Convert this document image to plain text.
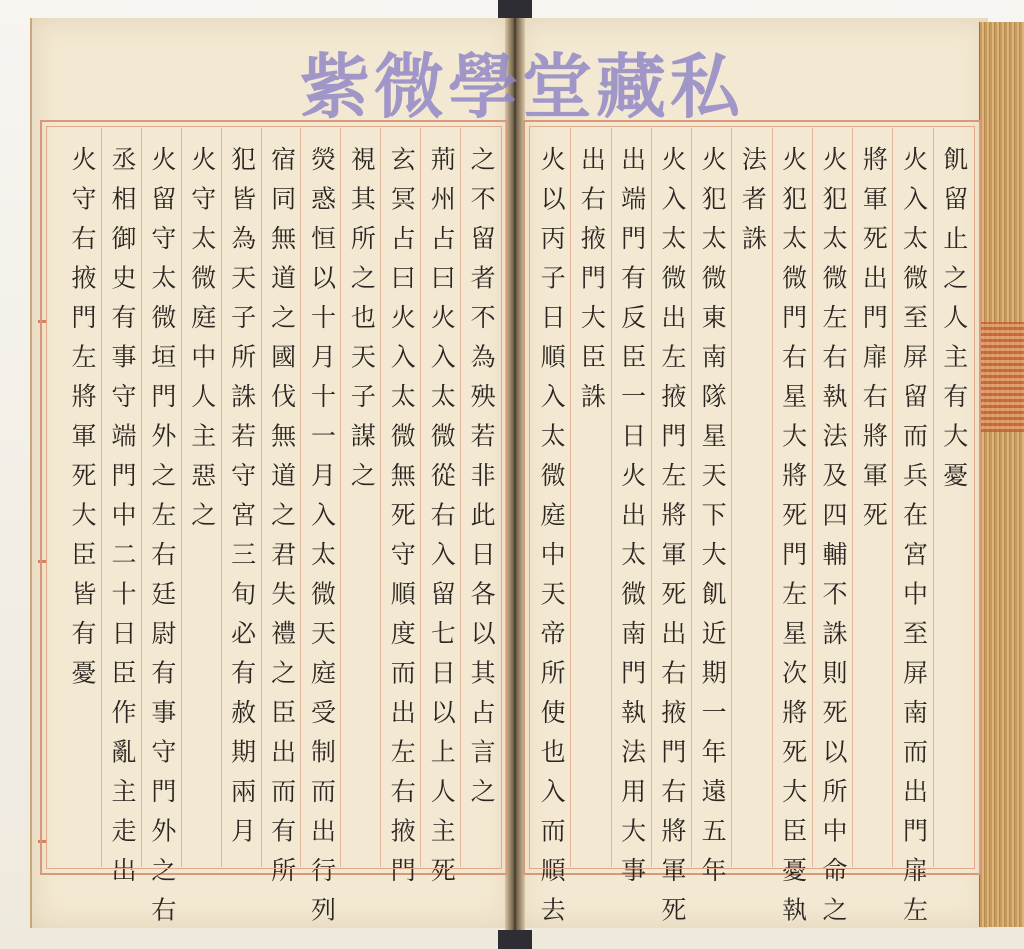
之不留者不為殃若非此日各以其占言之
荊州占曰火入太微從右入留七日以上人主死
玄冥占曰火入太微無死守順度而出左右掖門
視其所之也天子謀之
熒惑恒以十月十一月入太微天庭受制而出行列
宿同無道之國伐無道之君失禮之臣出而有所
犯皆為天子所誅若守宮三旬必有赦期兩月
火守太微庭中人主惡之
火留守太微垣門外之左右廷尉有事守門外之右
丞相御史有事守端門中二十日臣作亂主走出
火守右掖門左將軍死大臣皆有憂	飢留止之人主有大憂
火入太微至屏留而兵在宮中至屏南而出門扉左
將軍死出門扉右將軍死
火犯太微左右執法及四輔不誅則死以所中命之
火犯太微門右星大將死門左星次將死大臣憂執
法者誅
火犯太微東南隊星天下大飢近期一年遠五年
火入太微出左掖門左將軍死出右掖門右將軍死
出端門有反臣一日火出太微南門執法用大事
出右掖門大臣誅
火以丙子日順入太微庭中天帝所使也入而順去
紫微學堂藏私
